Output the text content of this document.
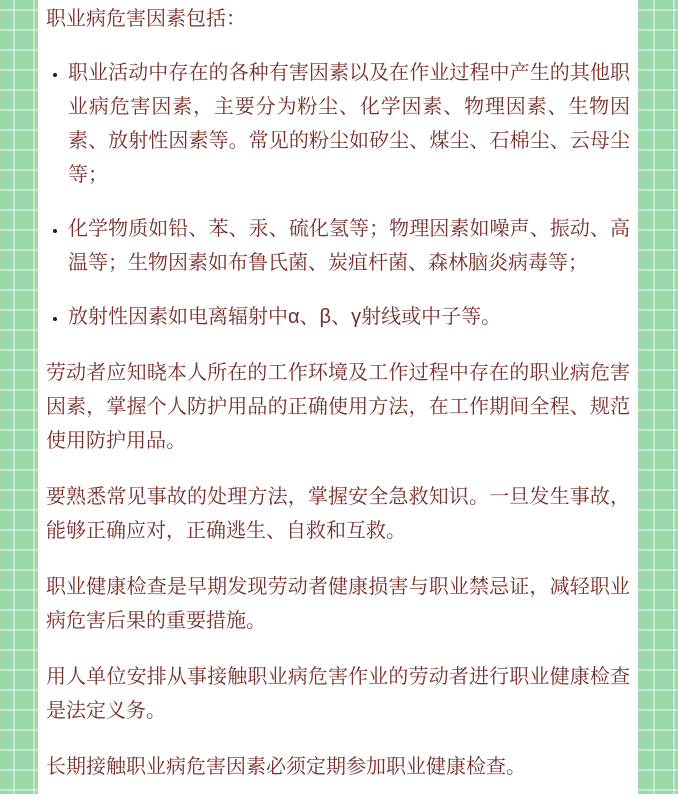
职业病危害因素包括：

• 职业活动中存在的各种有害因素以及在作业过程中产生的其他职业病危害因素，主要分为粉尘、化学因素、物理因素、生物因素、放射性因素等。常见的粉尘如矽尘、煤尘、石棉尘、云母尘等；
• 化学物质如铅、苯、汞、硫化氢等；物理因素如噪声、振动、高温等；生物因素如布鲁氏菌、炭疽杆菌、森林脑炎病毒等；
• 放射性因素如电离辐射中α、β、γ射线或中子等。

劳动者应知晓本人所在的工作环境及工作过程中存在的职业病危害因素，掌握个人防护用品的正确使用方法，在工作期间全程、规范使用防护用品。

要熟悉常见事故的处理方法，掌握安全急救知识。一旦发生事故，能够正确应对，正确逃生、自救和互救。

职业健康检查是早期发现劳动者健康损害与职业禁忌证，减轻职业病危害后果的重要措施。

用人单位安排从事接触职业病危害作业的劳动者进行职业健康检查是法定义务。

长期接触职业病危害因素必须定期参加职业健康检查。
